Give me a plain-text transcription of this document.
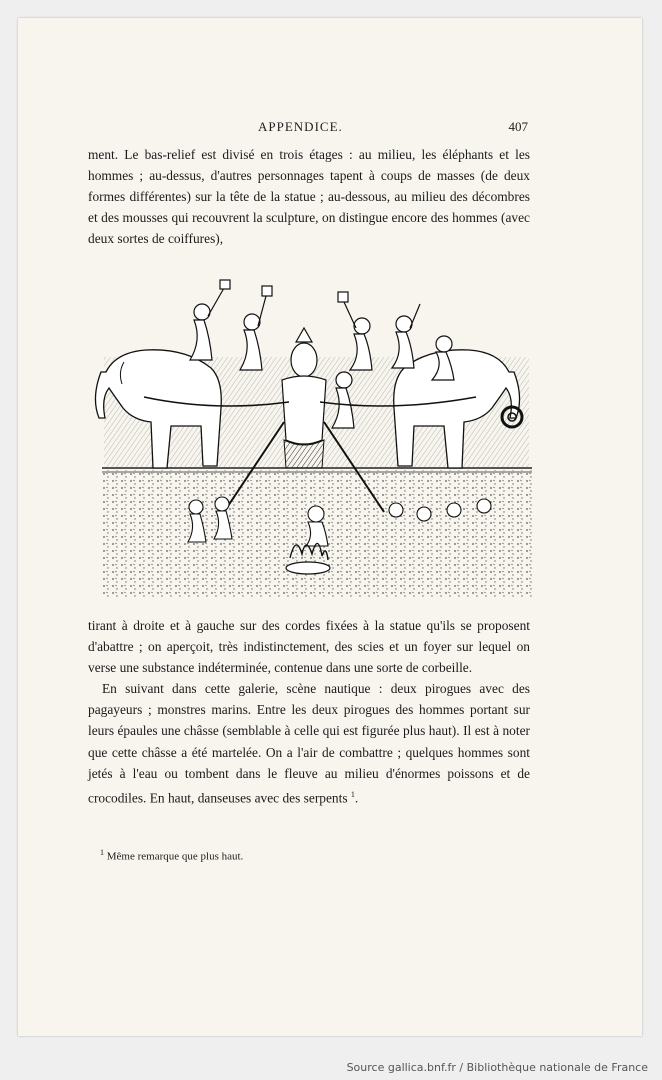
APPENDICE.	407

ment. Le bas-relief est divisé en trois étages : au milieu, les éléphants et les hommes ; au-dessus, d'autres personnages tapent à coups de masses (de deux formes différentes) sur la tête de la statue ; au-dessous, au milieu des décombres et des mousses qui recouvrent la sculpture, on distingue encore des hommes (avec deux sortes de coiffures),

tirant à droite et à gauche sur des cordes fixées à la statue qu'ils se proposent d'abattre ; on aperçoit, très indistinctement, des scies et un foyer sur lequel on verse une substance indéterminée, contenue dans une sorte de corbeille.

En suivant dans cette galerie, scène nautique : deux pirogues avec des pagayeurs ; monstres marins. Entre les deux pirogues des hommes portant sur leurs épaules une châsse (semblable à celle qui est figurée plus haut). Il est à noter que cette châsse a été martelée. On a l'air de combattre ; quelques hommes sont jetés à l'eau ou tombent dans le fleuve au milieu d'énormes poissons et de crocodiles. En haut, danseuses avec des serpents $^1$.

$^1$ Même remarque que plus haut.
Source gallica.bnf.fr / Bibliothèque nationale de France
